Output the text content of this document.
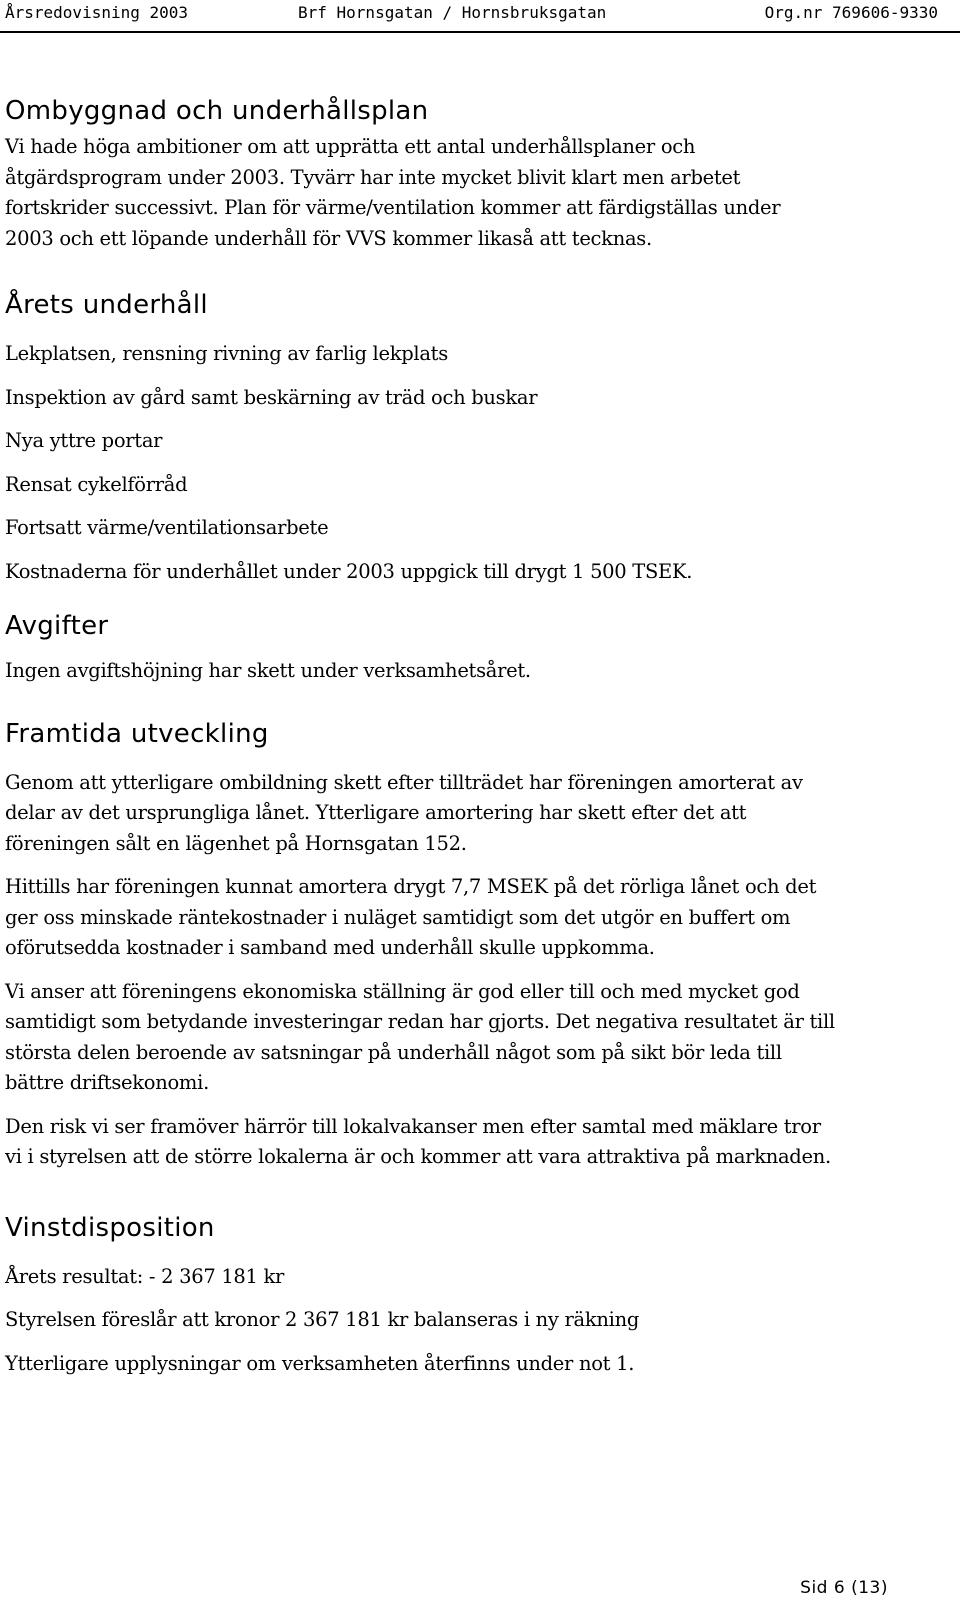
Årsredovisning 2003	Brf Hornsgatan / Hornsbruksgatan	Org.nr 769606-9330
Ombyggnad och underhållsplan

Vi hade höga ambitioner om att upprätta ett antal underhållsplaner och
åtgärdsprogram under 2003. Tyvärr har inte mycket blivit klart men arbetet
fortskrider successivt. Plan för värme/ventilation kommer att färdigställas under
2003 och ett löpande underhåll för VVS kommer likaså att tecknas.

Årets underhåll

Lekplatsen, rensning rivning av farlig lekplats

Inspektion av gård samt beskärning av träd och buskar

Nya yttre portar

Rensat cykelförråd

Fortsatt värme/ventilationsarbete

Kostnaderna för underhållet under 2003 uppgick till drygt 1 500 TSEK.

Avgifter

Ingen avgiftshöjning har skett under verksamhetsåret.

Framtida utveckling

Genom att ytterligare ombildning skett efter tillträdet har föreningen amorterat av
delar av det ursprungliga lånet. Ytterligare amortering har skett efter det att
föreningen sålt en lägenhet på Hornsgatan 152.

Hittills har föreningen kunnat amortera drygt 7,7 MSEK på det rörliga lånet och det
ger oss minskade räntekostnader i nuläget samtidigt som det utgör en buffert om
oförutsedda kostnader i samband med underhåll skulle uppkomma.

Vi anser att föreningens ekonomiska ställning är god eller till och med mycket god
samtidigt som betydande investeringar redan har gjorts. Det negativa resultatet är till
största delen beroende av satsningar på underhåll något som på sikt bör leda till
bättre driftsekonomi.

Den risk vi ser framöver härrör till lokalvakanser men efter samtal med mäklare tror
vi i styrelsen att de större lokalerna är och kommer att vara attraktiva på marknaden.

Vinstdisposition

Årets resultat: - 2 367 181 kr

Styrelsen föreslår att kronor 2 367 181 kr balanseras i ny räkning

Ytterligare upplysningar om verksamheten återfinns under not 1.

Sid 6 (13)
